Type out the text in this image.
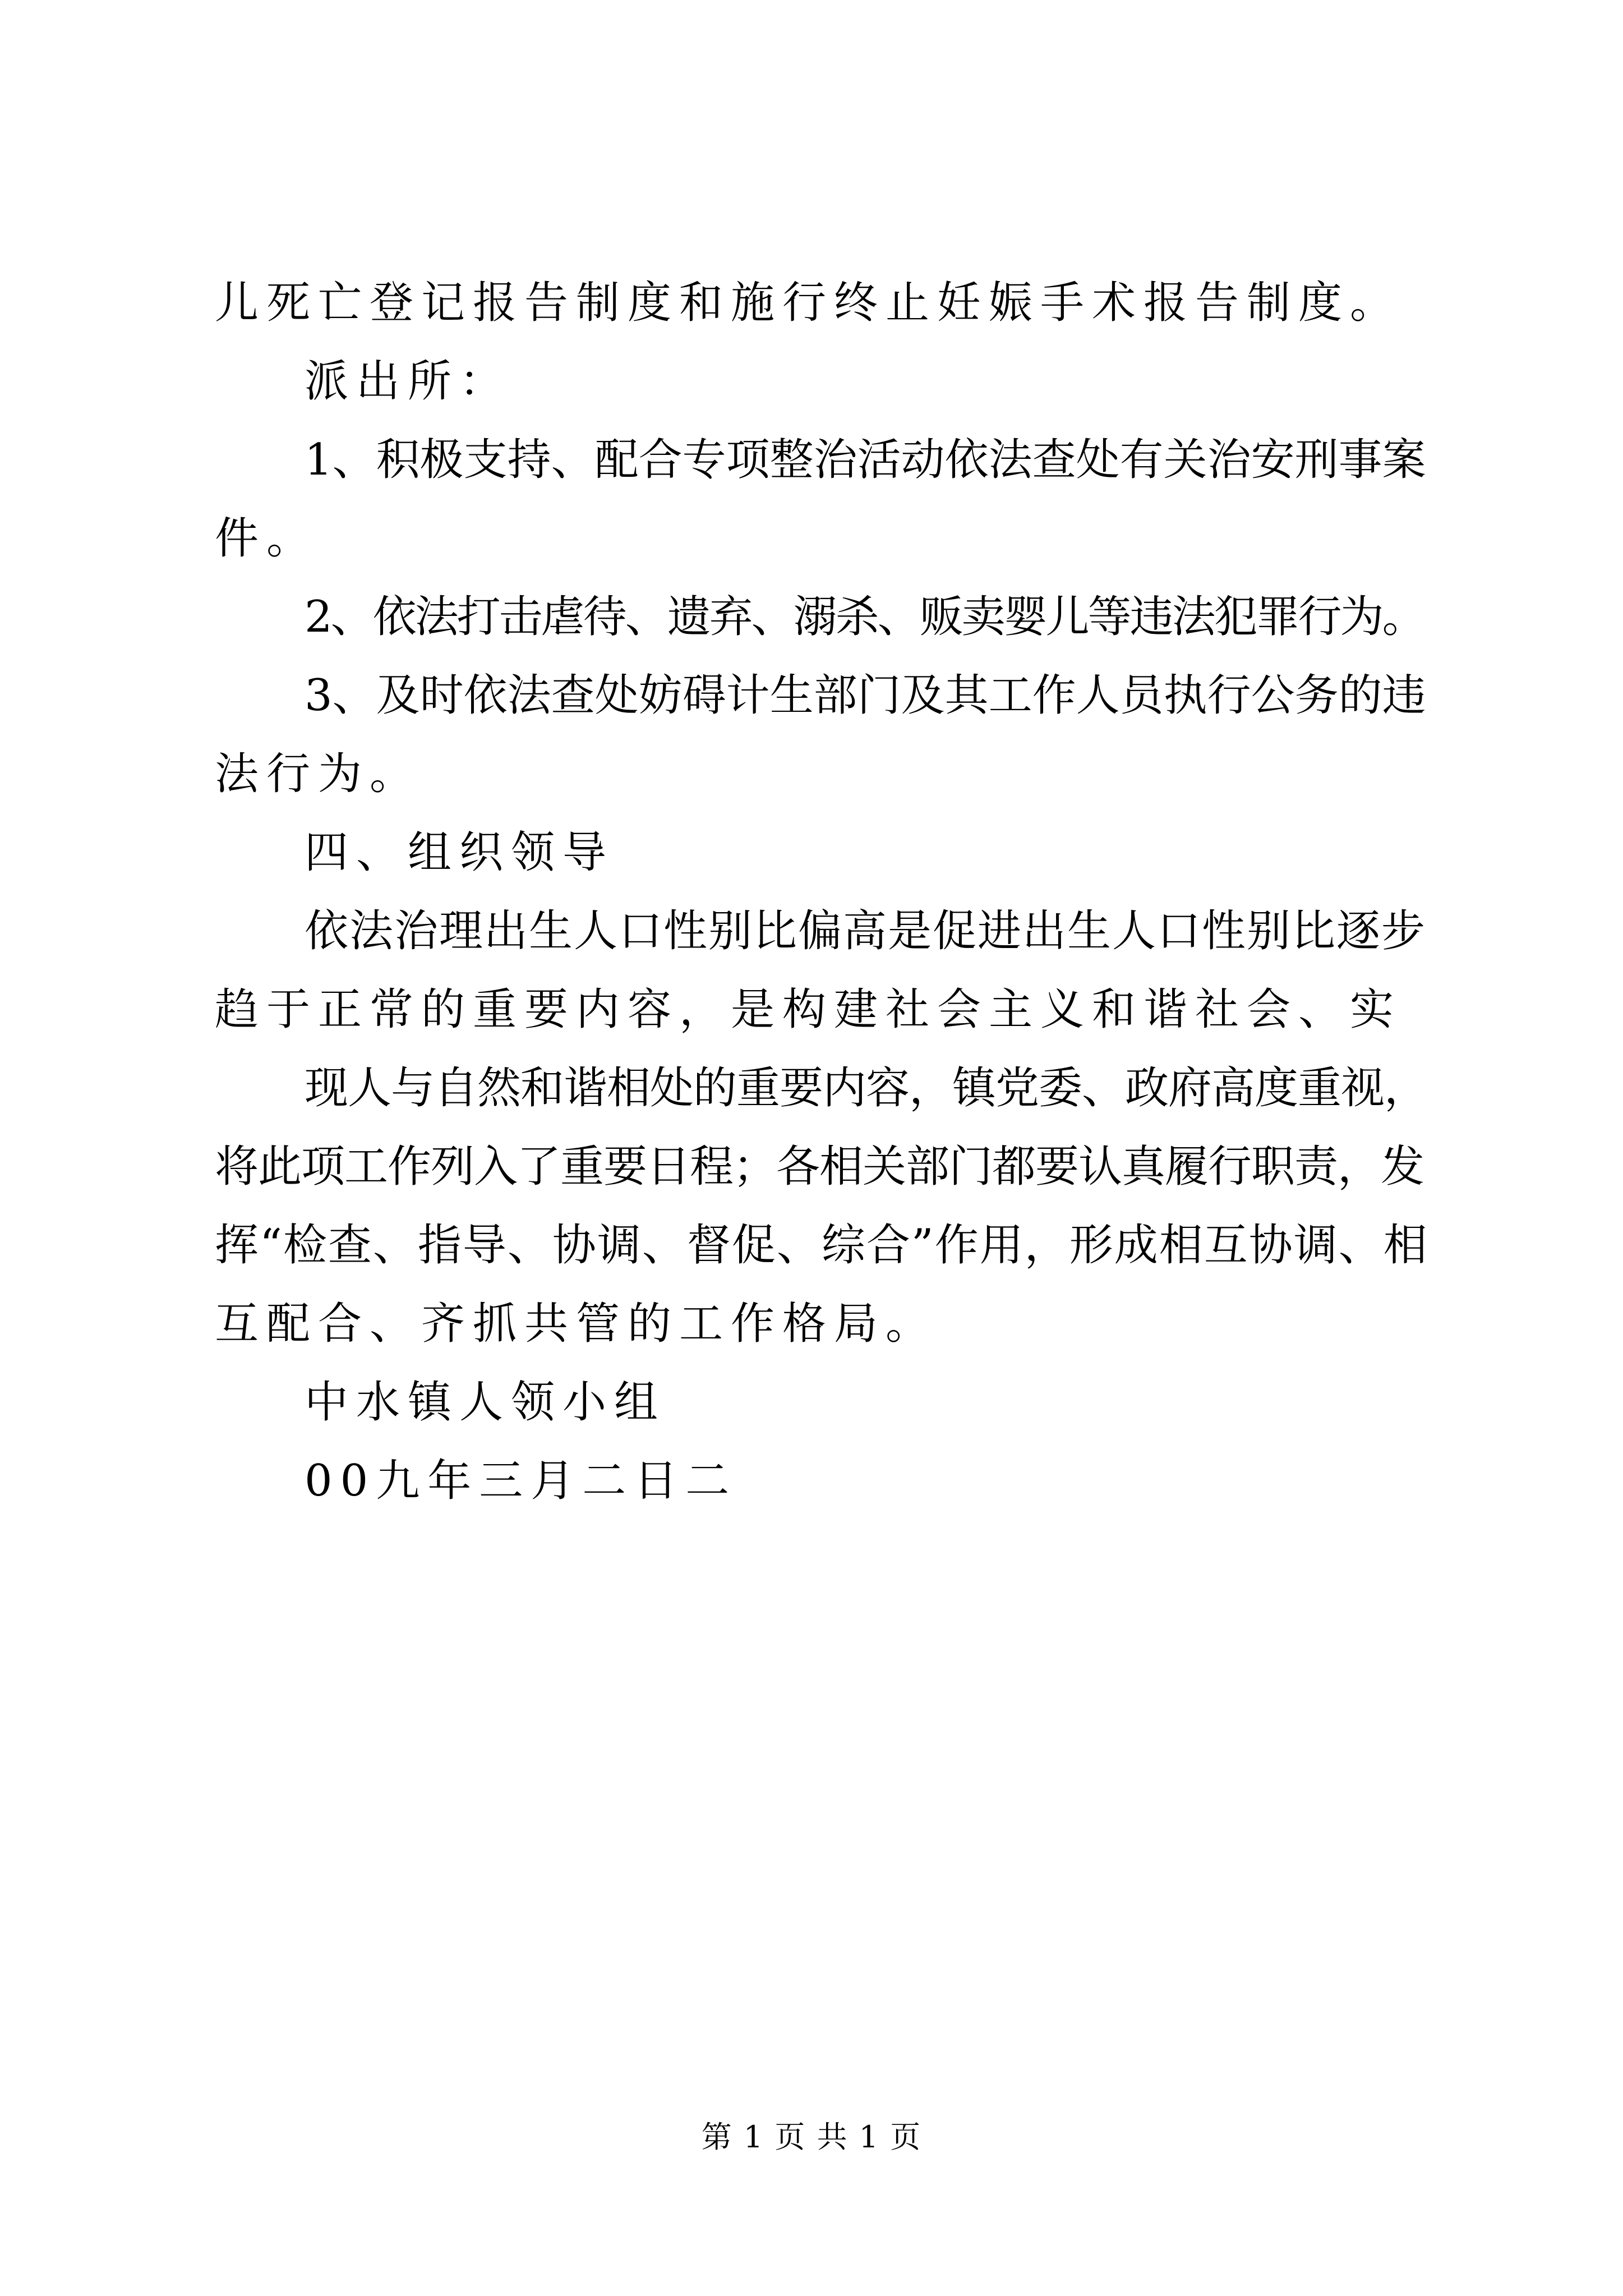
儿死亡登记报告制度和施行终止妊娠手术报告制度。
派出所：
1、积极支持、配合专项整治活动依法查处有关治安刑事案
件。
2、依法打击虐待、遗弃、溺杀、贩卖婴儿等违法犯罪行为。
3、及时依法查处妨碍计生部门及其工作人员执行公务的违
法行为。
四、组织领导
依法治理出生人口性别比偏高是促进出生人口性别比逐步
趋于正常的重要内容，是构建社会主义和谐社会、实
现人与自然和谐相处的重要内容，镇党委、政府高度重视，
将此项工作列入了重要日程；各相关部门都要认真履行职责，发
挥“检查、指导、协调、督促、综合”作用，形成相互协调、相
互配合、齐抓共管的工作格局。
中水镇人领小组
00九年三月二日二
第 1 页 共 1 页
